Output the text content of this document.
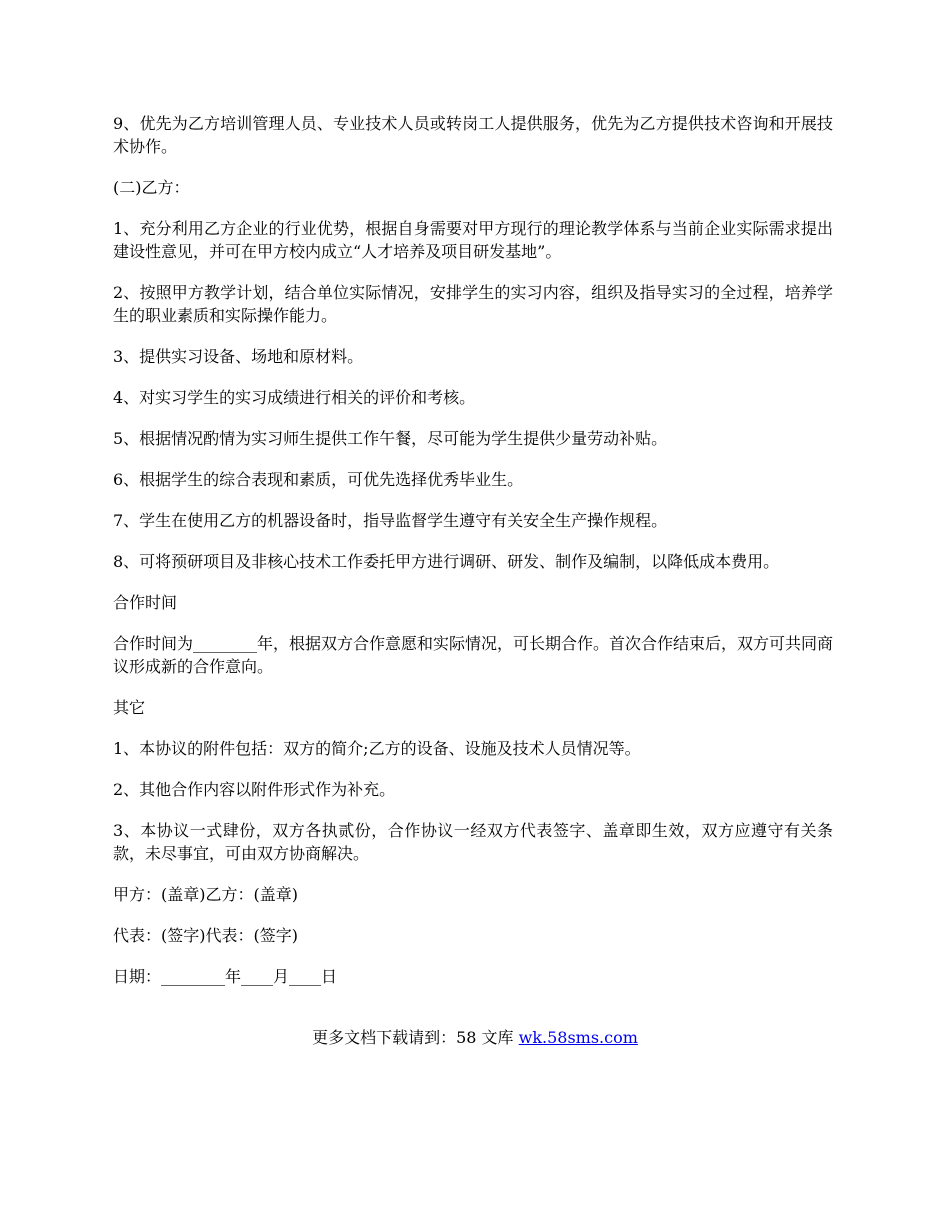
9、优先为乙方培训管理人员、专业技术人员或转岗工人提供服务，优先为乙方提供技术咨询和开展技术协作。

(二)乙方：

1、充分利用乙方企业的行业优势，根据自身需要对甲方现行的理论教学体系与当前企业实际需求提出建设性意见，并可在甲方校内成立“人才培养及项目研发基地”。

2、按照甲方教学计划，结合单位实际情况，安排学生的实习内容，组织及指导实习的全过程，培养学生的职业素质和实际操作能力。

3、提供实习设备、场地和原材料。

4、对实习学生的实习成绩进行相关的评价和考核。

5、根据情况酌情为实习师生提供工作午餐，尽可能为学生提供少量劳动补贴。

6、根据学生的综合表现和素质，可优先选择优秀毕业生。

7、学生在使用乙方的机器设备时，指导监督学生遵守有关安全生产操作规程。

8、可将预研项目及非核心技术工作委托甲方进行调研、研发、制作及编制，以降低成本费用。

合作时间

合作时间为________年，根据双方合作意愿和实际情况，可长期合作。首次合作结束后，双方可共同商议形成新的合作意向。

其它

1、本协议的附件包括：双方的简介;乙方的设备、设施及技术人员情况等。

2、其他合作内容以附件形式作为补充。

3、本协议一式肆份，双方各执贰份，合作协议一经双方代表签字、盖章即生效，双方应遵守有关条款，未尽事宜，可由双方协商解决。

甲方：(盖章)乙方：(盖章)

代表：(签字)代表：(签字)

日期：________年____月____日

更多文档下载请到：58 文库 wk.58sms.com
